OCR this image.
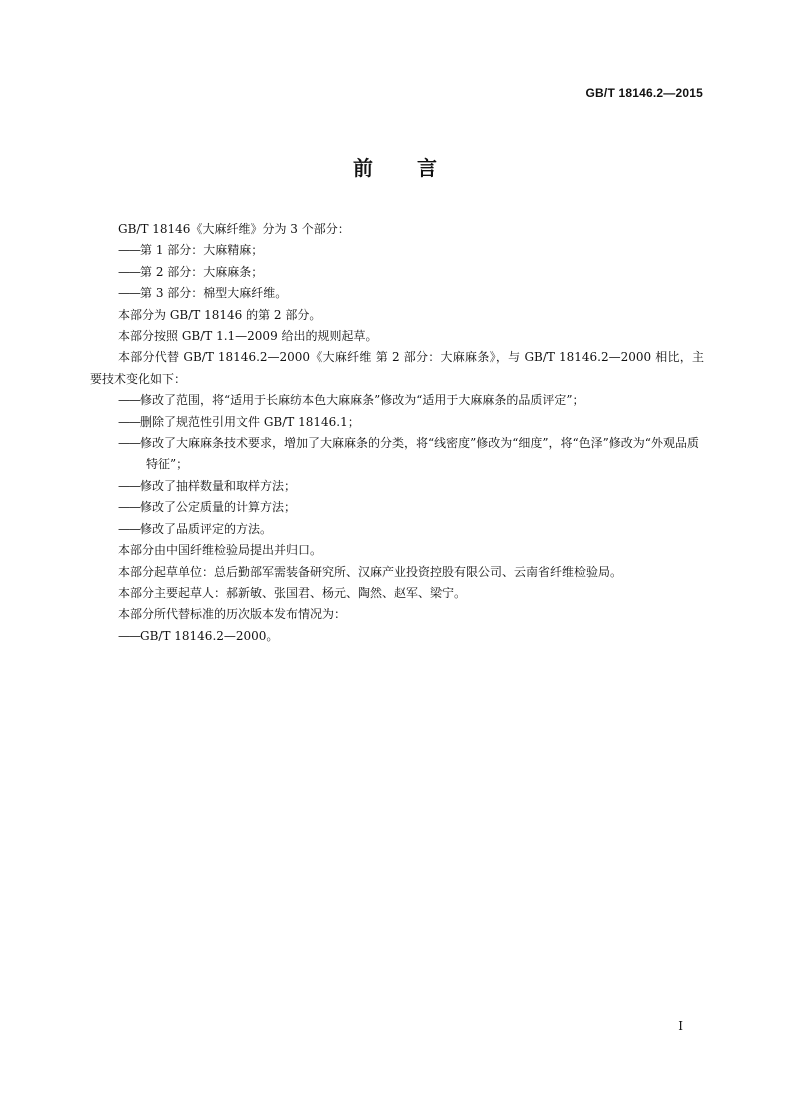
GB/T 18146.2—2015
前 言
GB/T 18146《大麻纤维》分为 3 个部分：
——第 1 部分：大麻精麻；
——第 2 部分：大麻麻条；
——第 3 部分：棉型大麻纤维。
本部分为 GB/T 18146 的第 2 部分。
本部分按照 GB/T 1.1—2009 给出的规则起草。
本部分代替 GB/T 18146.2—2000《大麻纤维 第 2 部分：大麻麻条》，与 GB/T 18146.2—2000 相比，主要技术变化如下：
——修改了范围，将“适用于长麻纺本色大麻麻条”修改为“适用于大麻麻条的品质评定”；
——删除了规范性引用文件 GB/T 18146.1；
——修改了大麻麻条技术要求，增加了大麻麻条的分类，将“线密度”修改为“细度”，将“色泽”修改为“外观品质特征”；
——修改了抽样数量和取样方法；
——修改了公定质量的计算方法；
——修改了品质评定的方法。
本部分由中国纤维检验局提出并归口。
本部分起草单位：总后勤部军需装备研究所、汉麻产业投资控股有限公司、云南省纤维检验局。
本部分主要起草人：郝新敏、张国君、杨元、陶然、赵军、梁宁。
本部分所代替标准的历次版本发布情况为：
——GB/T 18146.2—2000。
I
